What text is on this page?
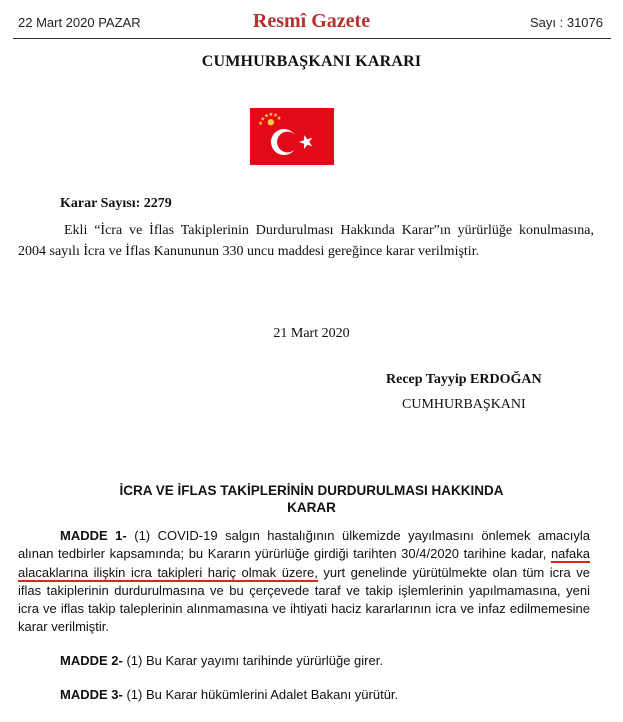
22 Mart 2020 PAZAR	Resmî Gazete	Sayı : 31076
CUMHURBAŞKANI KARARI
Karar Sayısı: 2279
Ekli “İcra ve İflas Takiplerinin Durdurulması Hakkında Karar”ın yürürlüğe konulmasına, 2004 sayılı İcra ve İflas Kanununun 330 uncu maddesi gereğince karar verilmiştir.
21 Mart 2020
Recep Tayyip ERDOĞAN
CUMHURBAŞKANI
İCRA VE İFLAS TAKİPLERİNİN DURDURULMASI HAKKINDA
KARAR
MADDE 1- (1) COVID-19 salgın hastalığının ülkemizde yayılmasını önlemek amacıyla alınan tedbirler kapsamında; bu Kararın yürürlüğe girdiği tarihten 30/4/2020 tarihine kadar, nafaka alacaklarına ilişkin icra takipleri hariç olmak üzere, yurt genelinde yürütülmekte olan tüm icra ve iflas takiplerinin durdurulmasına ve bu çerçevede taraf ve takip işlemlerinin yapılmamasına, yeni icra ve iflas takip taleplerinin alınmamasına ve ihtiyati haciz kararlarının icra ve infaz edilmemesine karar verilmiştir.
MADDE 2- (1) Bu Karar yayımı tarihinde yürürlüğe girer.
MADDE 3- (1) Bu Karar hükümlerini Adalet Bakanı yürütür.
